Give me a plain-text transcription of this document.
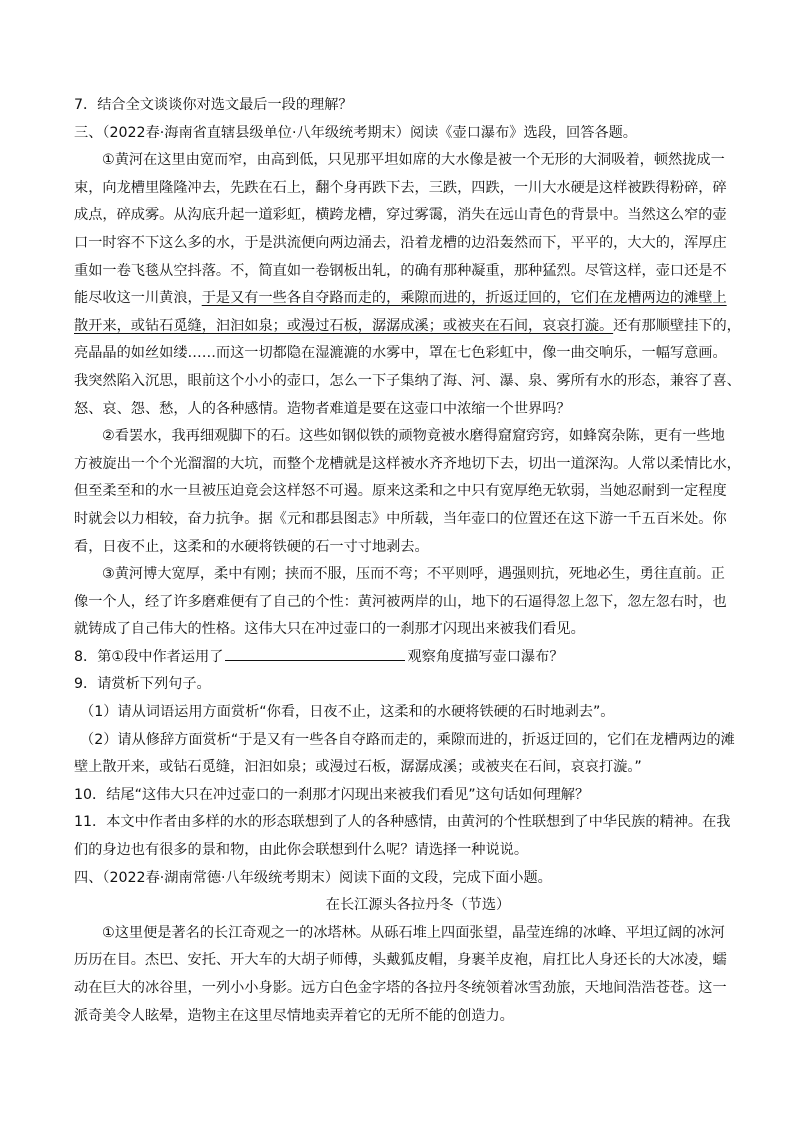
7．结合全文谈谈你对选文最后一段的理解？
三、（2022春·海南省直辖县级单位·八年级统考期末）阅读《壶口瀑布》选段，回答各题。
①黄河在这里由宽而窄，由高到低，只见那平坦如席的大水像是被一个无形的大洞吸着，顿然拢成一
束，向龙槽里隆隆冲去，先跌在石上，翻个身再跌下去，三跌，四跌，一川大水硬是这样被跌得粉碎，碎
成点，碎成雾。从沟底升起一道彩虹，横跨龙槽，穿过雾霭，消失在远山青色的背景中。当然这么窄的壶
口一时容不下这么多的水，于是洪流便向两边涌去，沿着龙槽的边沿轰然而下，平平的，大大的，浑厚庄
重如一卷飞毯从空抖落。不，简直如一卷钢板出轧，的确有那种凝重，那种猛烈。尽管这样，壶口还是不
能尽收这一川黄浪，于是又有一些各自夺路而走的，乘隙而进的，折返迂回的，它们在龙槽两边的滩壁上
散开来，或钻石觅缝，汩汩如泉；或漫过石板，潺潺成溪；或被夹在石间，哀哀打漩。还有那顺壁挂下的，
亮晶晶的如丝如缕……而这一切都隐在湿漉漉的水雾中，罩在七色彩虹中，像一曲交响乐，一幅写意画。
我突然陷入沉思，眼前这个小小的壶口，怎么一下子集纳了海、河、瀑、泉、雾所有水的形态，兼容了喜、
怒、哀、怨、愁，人的各种感情。造物者难道是要在这壶口中浓缩一个世界吗？
②看罢水，我再细观脚下的石。这些如钢似铁的顽物竟被水磨得窟窟窍窍，如蜂窝杂陈，更有一些地
方被旋出一个个光溜溜的大坑，而整个龙槽就是这样被水齐齐地切下去，切出一道深沟。人常以柔情比水，
但至柔至和的水一旦被压迫竟会这样怒不可遏。原来这柔和之中只有宽厚绝无软弱，当她忍耐到一定程度
时就会以力相较，奋力抗争。据《元和郡县图志》中所载，当年壶口的位置还在这下游一千五百米处。你
看，日夜不止，这柔和的水硬将铁硬的石一寸寸地剥去。
③黄河博大宽厚，柔中有刚；挟而不服，压而不弯；不平则呼，遇强则抗，死地必生，勇往直前。正
像一个人，经了许多磨难便有了自己的个性：黄河被两岸的山，地下的石逼得忽上忽下，忽左忽右时，也
就铸成了自己伟大的性格。这伟大只在冲过壶口的一刹那才闪现出来被我们看见。
8．第①段中作者运用了	观察角度描写壶口瀑布？
9．请赏析下列句子。
（1）请从词语运用方面赏析“你看，日夜不止，这柔和的水硬将铁硬的石时地剥去”。
（2）请从修辞方面赏析“于是又有一些各自夺路而走的，乘隙而进的，折返迂回的，它们在龙槽两边的滩
壁上散开来，或钻石觅缝，汩汩如泉；或漫过石板，潺潺成溪；或被夹在石间，哀哀打漩。”
10．结尾“这伟大只在冲过壶口的一刹那才闪现出来被我们看见”这句话如何理解？
11．本文中作者由多样的水的形态联想到了人的各种感情，由黄河的个性联想到了中华民族的精神。在我
们的身边也有很多的景和物，由此你会联想到什么呢？请选择一种说说。
四、（2022春·湖南常德·八年级统考期末）阅读下面的文段，完成下面小题。
在长江源头各拉丹冬（节选）
①这里便是著名的长江奇观之一的冰塔林。从砾石堆上四面张望，晶莹连绵的冰峰、平坦辽阔的冰河
历历在目。杰巴、安托、开大车的大胡子师傅，头戴狐皮帽，身裹羊皮袍，肩扛比人身还长的大冰凌，蠕
动在巨大的冰谷里，一列小小身影。远方白色金字塔的各拉丹冬统领着冰雪劲旅，天地间浩浩苍苍。这一
派奇美令人眩晕，造物主在这里尽情地卖弄着它的无所不能的创造力。
